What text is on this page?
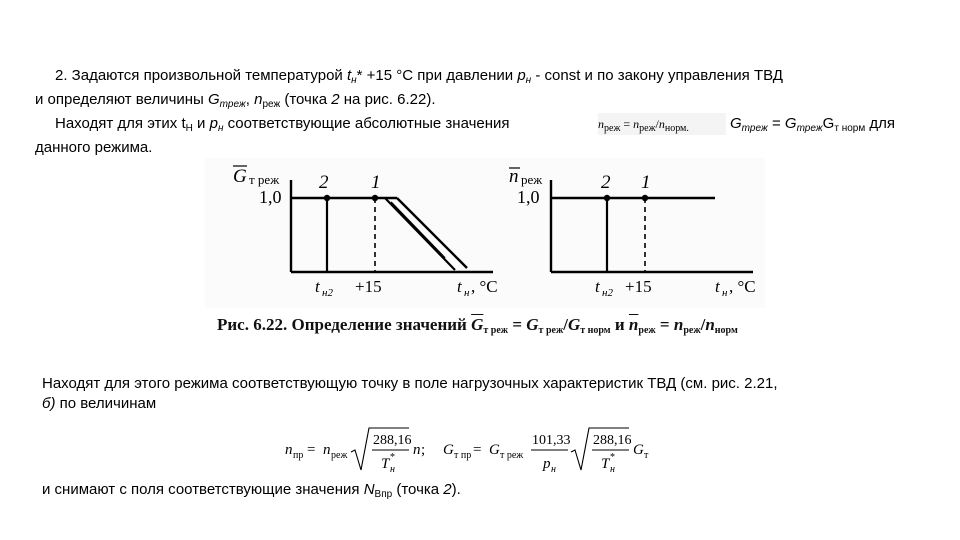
2. Задаются произвольной температурой $t_н* +15$ °С при давлении $p_н$ - const и по закону управления ТВД
и определяют величины $G_{треж}$, $n_{реж}$ (точка 2 на рис. 6.22).
Находят для этих $t_Н$ и $p_н$ соответствующие абсолютные значения	$n_{реж} = n_{реж}/n_{норм.}$	$G_{треж} = G_{треж}G_{т норм}$ для
данного режима.
G т реж
1,0
2 1
t н2 +15	t н , °C
n реж
1,0
2 1
t н2 +15	t н , °C
Рис. 6.22. Определение значений $\overline{G}_{т реж} = G_{т реж}/G_{т норм}$ и $\overline{n}_{реж} = n_{реж}/n_{норм}$
Находят для этого режима соответствующую точку в поле нагрузочных характеристик ТВД (см. рис. 2.21,
б) по величинам
n пр = n реж
288,16
T *
н
n ; G т пр = G т реж
101,33
p н
288,16
T *
н
G т
и снимают с поля соответствующие значения $N_{Впр}$ (точка 2).
